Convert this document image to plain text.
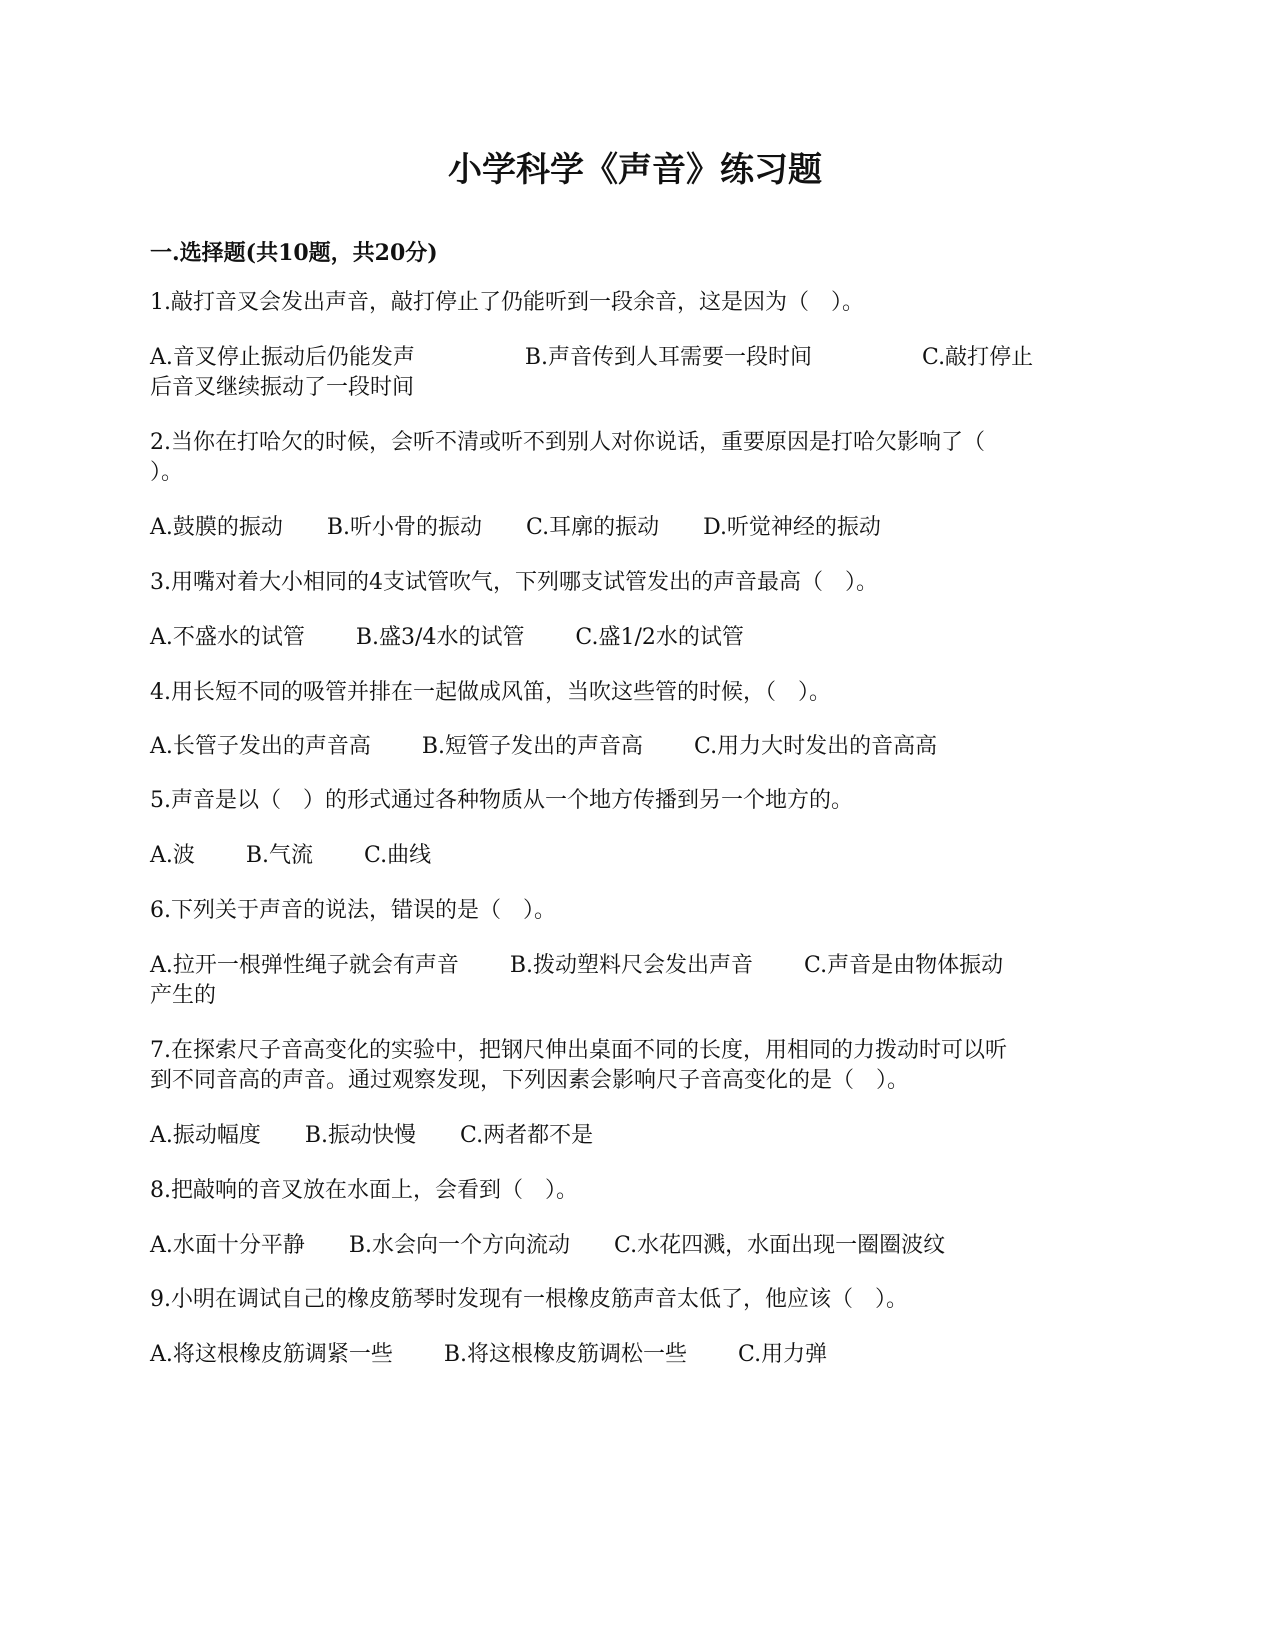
小学科学《声音》练习题
一.选择题(共10题，共20分)
1.敲打音叉会发出声音，敲打停止了仍能听到一段余音，这是因为（　）。
A.音叉停止振动后仍能发声　　　　　B.声音传到人耳需要一段时间　　　　　C.敲打停止
后音叉继续振动了一段时间
2.当你在打哈欠的时候，会听不清或听不到别人对你说话，重要原因是打哈欠影响了（
）。
A.鼓膜的振动　　B.听小骨的振动　　C.耳廓的振动　　D.听觉神经的振动
3.用嘴对着大小相同的4支试管吹气，下列哪支试管发出的声音最高（　）。
A.不盛水的试管　　 B.盛3/4水的试管　　 C.盛1/2水的试管
4.用长短不同的吸管并排在一起做成风笛，当吹这些管的时候，（　）。
A.长管子发出的声音高　　 B.短管子发出的声音高　　 C.用力大时发出的音高高
5.声音是以（　）的形式通过各种物质从一个地方传播到另一个地方的。
A.波　　 B.气流　　 C.曲线
6.下列关于声音的说法，错误的是（　）。
A.拉开一根弹性绳子就会有声音　　 B.拨动塑料尺会发出声音　　 C.声音是由物体振动
产生的
7.在探索尺子音高变化的实验中，把钢尺伸出桌面不同的长度，用相同的力拨动时可以听
到不同音高的声音。通过观察发现，下列因素会影响尺子音高变化的是（　）。
A.振动幅度　　B.振动快慢　　C.两者都不是
8.把敲响的音叉放在水面上，会看到（　）。
A.水面十分平静　　B.水会向一个方向流动　　C.水花四溅，水面出现一圈圈波纹
9.小明在调试自己的橡皮筋琴时发现有一根橡皮筋声音太低了，他应该（　）。
A.将这根橡皮筋调紧一些　　 B.将这根橡皮筋调松一些　　 C.用力弹
